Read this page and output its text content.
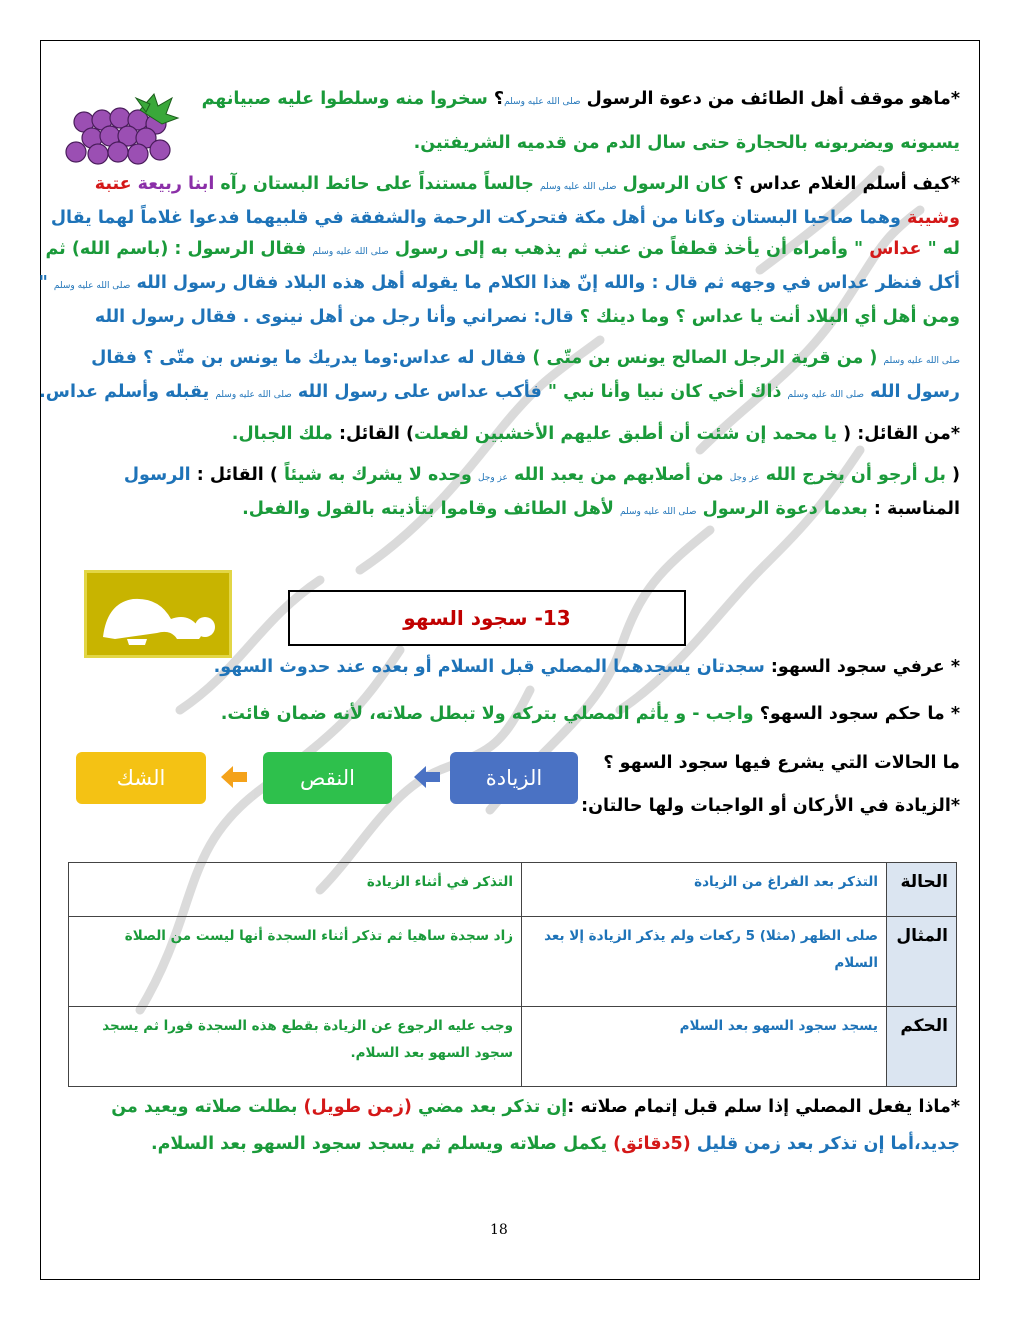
*ماهو موقف أهل الطائف من دعوة الرسول صلى الله عليه وسلم؟ سخروا منه وسلطوا عليه صبيانهم
يسبونه ويضربونه بالحجارة حتى سال الدم من قدميه الشريفتين.
*كيف أسلم الغلام عداس ؟ كان الرسول صلى الله عليه وسلم جالساً مستنداً على حائط البستان رآه ابنا ربيعة عتبة
وشيبة وهما صاحبا البستان وكانا من أهل مكة فتحركت الرحمة والشفقة في قلبيهما فدعوا غلاماً لهما يقال
له " عداس " وأمراه أن يأخذ قطفاً من عنب ثم يذهب به إلى رسول صلى الله عليه وسلم فقال الرسول : (باسم الله) ثم
أكل فنظر عداس في وجهه ثم قال : والله إنّ هذا الكلام ما يقوله أهل هذه البلاد فقال رسول الله صلى الله عليه وسلم "
ومن أهل أي البلاد أنت يا عداس ؟ وما دينك ؟ قال: نصراني وأنا رجل من أهل نينوى . فقال رسول الله
صلى الله عليه وسلم ( من قرية الرجل الصالح يونس بن متّى ) فقال له عداس:وما يدريك ما يونس بن متّى ؟ فقال
رسول الله صلى الله عليه وسلم ذاك أخي كان نبيا وأنا نبي " فأكب عداس على رسول الله صلى الله عليه وسلم يقبله وأسلم عداس.
*من القائل: ( يا محمد إن شئت أن أطبق عليهم الأخشبين لفعلت) القائل: ملك الجبال.
( بل أرجو أن يخرج الله عز وجل من أصلابهم من يعبد الله عز وجل وحده لا يشرك به شيئاً ) القائل : الرسول
المناسبة : بعدما دعوة الرسول صلى الله عليه وسلم لأهل الطائف وقاموا بتأذيته بالقول والفعل.
13- سجود السهو
* عرفي سجود السهو: سجدتان يسجدهما المصلي قبل السلام أو بعده عند حدوث السهو.
* ما حكم سجود السهو؟ واجب - و يأثم المصلي بتركه ولا تبطل صلاته، لأنه ضمان فائت.
ما الحالات التي يشرع فيها سجود السهو ؟
*الزيادة في الأركان أو الواجبات ولها حالتان:
الزيادة
النقص
الشك
الحالة	التذكر بعد الفراغ من الزيادة	التذكر في أثناء الزيادة
المثال	صلى الظهر (مثلا) 5 ركعات ولم يذكر الزيادة إلا بعد السلام	زاد سجدة ساهيا ثم تذكر أثناء السجدة أنها ليست من الصلاة
الحكم	يسجد سجود السهو بعد السلام	وجب عليه الرجوع عن الزيادة بقطع هذه السجدة فورا ثم يسجد سجود السهو بعد السلام.
*ماذا يفعل المصلي إذا سلم قبل إتمام صلاته :إن تذكر بعد مضي (زمن طويل) بطلت صلاته ويعيد من
جديد،أما إن تذكر بعد زمن قليل (5دقائق) يكمل صلاته ويسلم ثم يسجد سجود السهو بعد السلام.
18
